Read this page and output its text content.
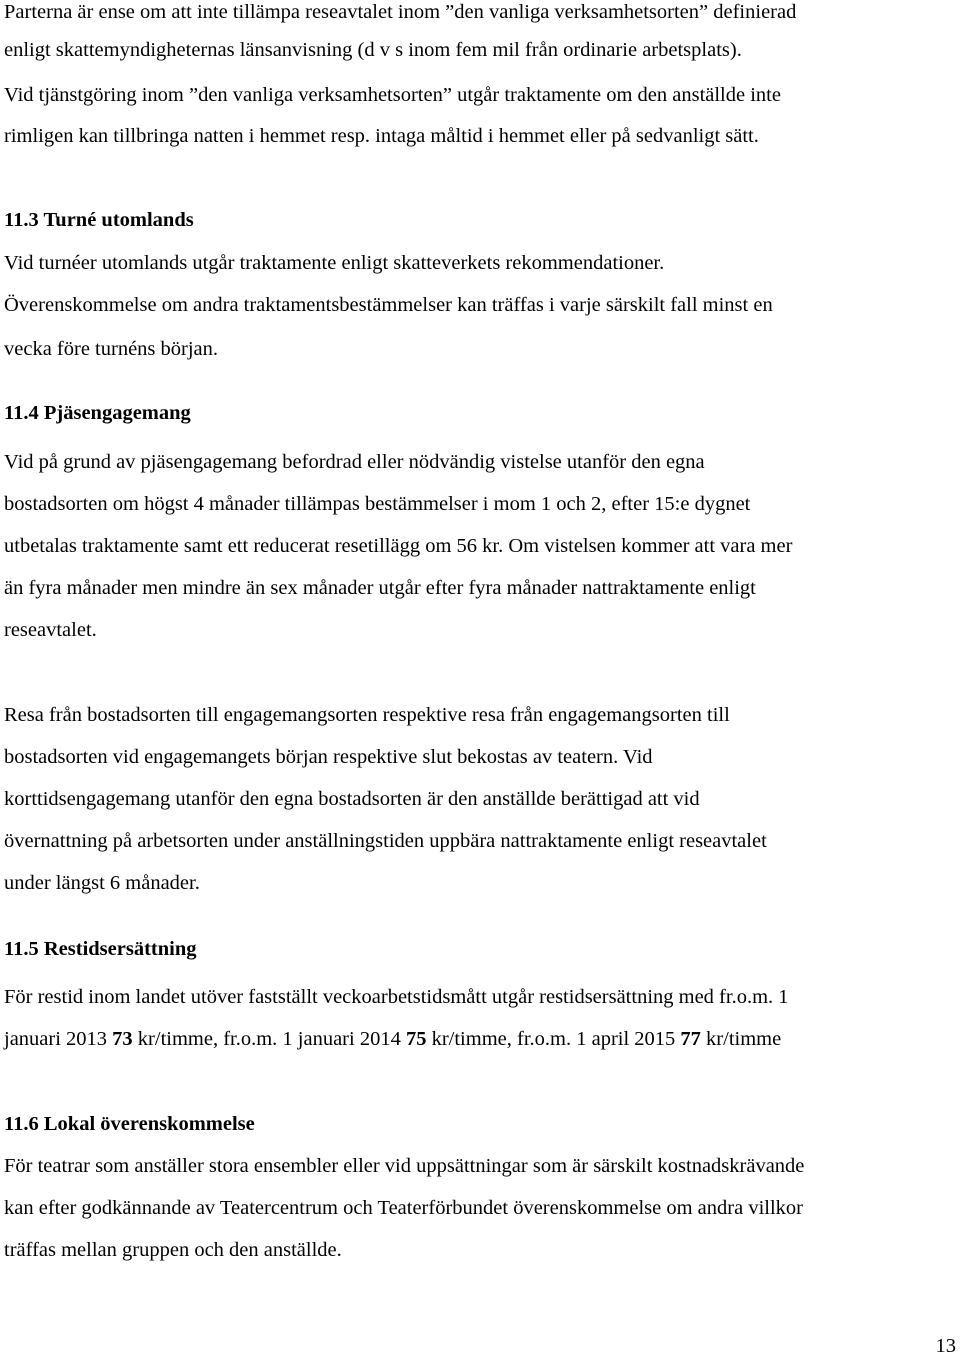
Parterna är ense om att inte tillämpa reseavtalet inom ”den vanliga verksamhetsorten” definierad

enligt skattemyndigheternas länsanvisning (d v s inom fem mil från ordinarie arbetsplats).

Vid tjänstgöring inom ”den vanliga verksamhetsorten” utgår traktamente om den anställde inte

rimligen kan tillbringa natten i hemmet resp. intaga måltid i hemmet eller på sedvanligt sätt.

11.3 Turné utomlands

Vid turnéer utomlands utgår traktamente enligt skatteverkets rekommendationer.

Överenskommelse om andra traktamentsbestämmelser kan träffas i varje särskilt fall minst en

vecka före turnéns början.

11.4 Pjäsengagemang

Vid på grund av pjäsengagemang befordrad eller nödvändig vistelse utanför den egna

bostadsorten om högst 4 månader tillämpas bestämmelser i mom 1 och 2, efter 15:e dygnet

utbetalas traktamente samt ett reducerat resetillägg om 56 kr. Om vistelsen kommer att vara mer

än fyra månader men mindre än sex månader utgår efter fyra månader nattraktamente enligt

reseavtalet.

Resa från bostadsorten till engagemangsorten respektive resa från engagemangsorten till

bostadsorten vid engagemangets början respektive slut bekostas av teatern. Vid

korttidsengagemang utanför den egna bostadsorten är den anställde berättigad att vid

övernattning på arbetsorten under anställningstiden uppbära nattraktamente enligt reseavtalet

under längst 6 månader.

11.5 Restidsersättning

För restid inom landet utöver fastställt veckoarbetstidsmått utgår restidsersättning med fr.o.m. 1

januari 2013 73 kr/timme, fr.o.m. 1 januari 2014 75 kr/timme, fr.o.m. 1 april 2015 77 kr/timme

11.6 Lokal överenskommelse

För teatrar som anställer stora ensembler eller vid uppsättningar som är särskilt kostnadskrävande

kan efter godkännande av Teatercentrum och Teaterförbundet överenskommelse om andra villkor

träffas mellan gruppen och den anställde.

13
